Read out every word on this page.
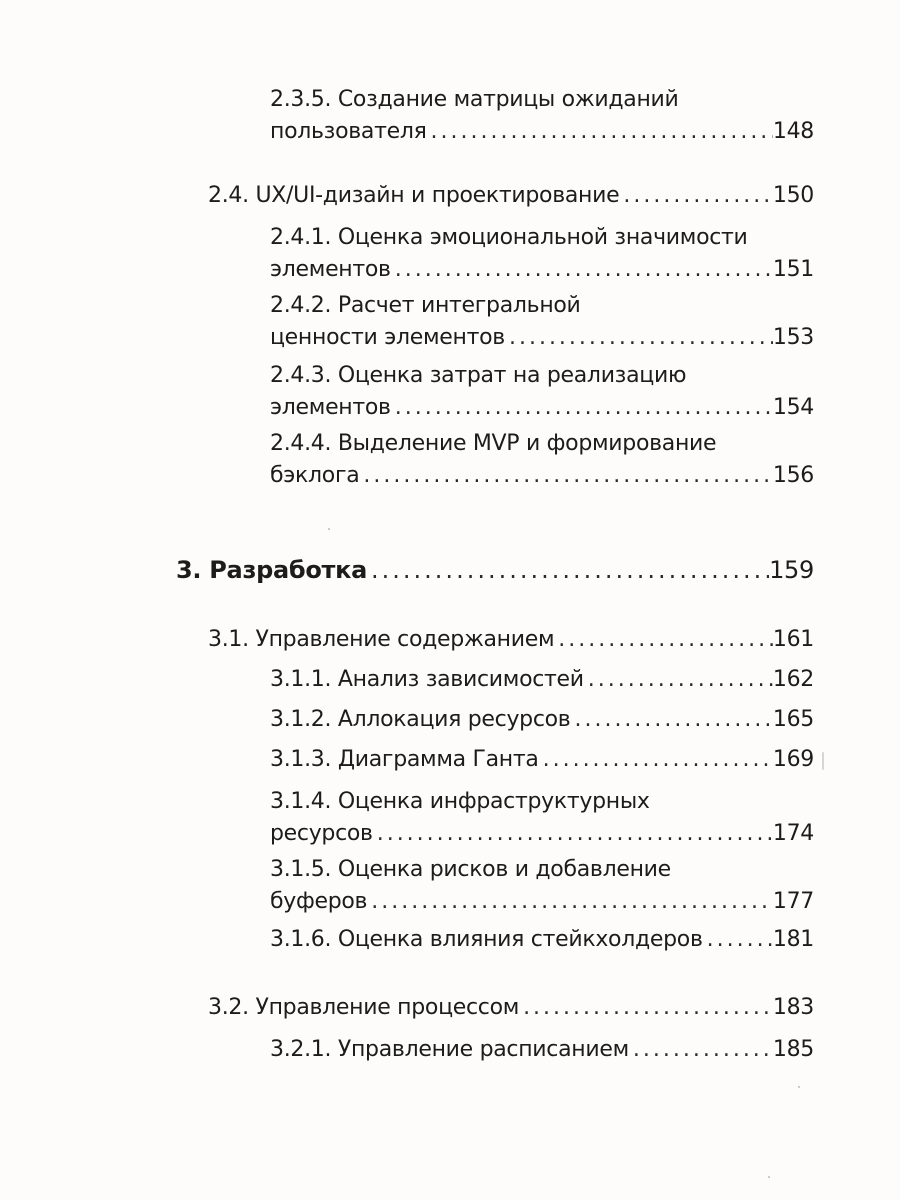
2.3.5. Создание матрицы ожиданий
пользователя .....	148
2.4. UX/UI-дизайн и проектирование .....	150
2.4.1. Оценка эмоциональной значимости
элементов .....	151
2.4.2. Расчет интегральной
ценности элементов .....	153
2.4.3. Оценка затрат на реализацию
элементов .....	154
2.4.4. Выделение MVP и формирование
бэклога .....	156
3. Разработка .....	159
3.1. Управление содержанием .....	161
3.1.1. Анализ зависимостей .....	162
3.1.2. Аллокация ресурсов .....	165
3.1.3. Диаграмма Ганта .....	169
3.1.4. Оценка инфраструктурных
ресурсов .....	174
3.1.5. Оценка рисков и добавление
буферов .....	177
3.1.6. Оценка влияния стейкхолдеров .....	181
3.2. Управление процессом .....	183
3.2.1. Управление расписанием .....	185
